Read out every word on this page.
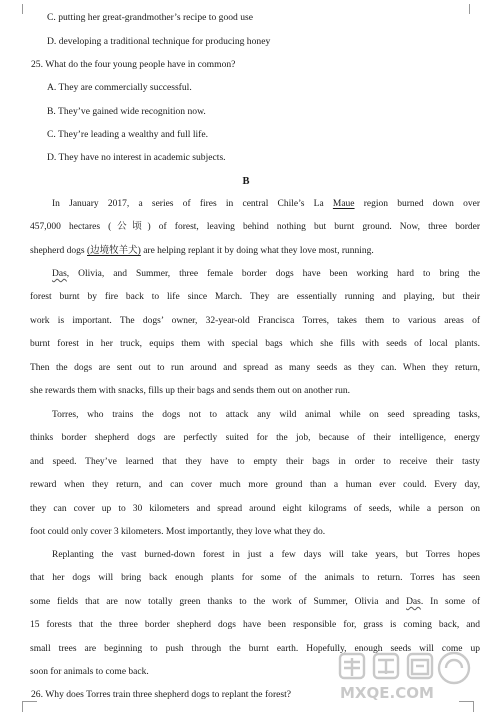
C. putting her great-grandmother’s recipe to good use
D. developing a traditional technique for producing honey
25. What do the four young people have in common?
A. They are commercially successful.
B. They’ve gained wide recognition now.
C. They’re leading a wealthy and full life.
D. They have no interest in academic subjects.
B
In January 2017, a series of fires in central Chile’s La Maue region burned down over
457,000 hectares (公顷) of forest, leaving behind nothing but burnt ground. Now, three border
shepherd dogs (边境牧羊犬) are helping replant it by doing what they love most, running.
Das, Olivia, and Summer, three female border dogs have been working hard to bring the
forest burnt by fire back to life since March. They are essentially running and playing, but their
work is important. The dogs’ owner, 32-year-old Francisca Torres, takes them to various areas of
burnt forest in her truck, equips them with special bags which she fills with seeds of local plants.
Then the dogs are sent out to run around and spread as many seeds as they can. When they return,
she rewards them with snacks, fills up their bags and sends them out on another run.
Torres, who trains the dogs not to attack any wild animal while on seed spreading tasks,
thinks border shepherd dogs are perfectly suited for the job, because of their intelligence, energy
and speed. They’ve learned that they have to empty their bags in order to receive their tasty
reward when they return, and can cover much more ground than a human ever could. Every day,
they can cover up to 30 kilometers and spread around eight kilograms of seeds, while a person on
foot could only cover 3 kilometers. Most importantly, they love what they do.
Replanting the vast burned-down forest in just a few days will take years, but Torres hopes
that her dogs will bring back enough plants for some of the animals to return. Torres has seen
some fields that are now totally green thanks to the work of Summer, Olivia and Das. In some of
15 forests that the three border shepherd dogs have been responsible for, grass is coming back, and
small trees are beginning to push through the burnt earth. Hopefully, enough seeds will come up
soon for animals to come back.
26. Why does Torres train three shepherd dogs to replant the forest?	MXQE.COM
